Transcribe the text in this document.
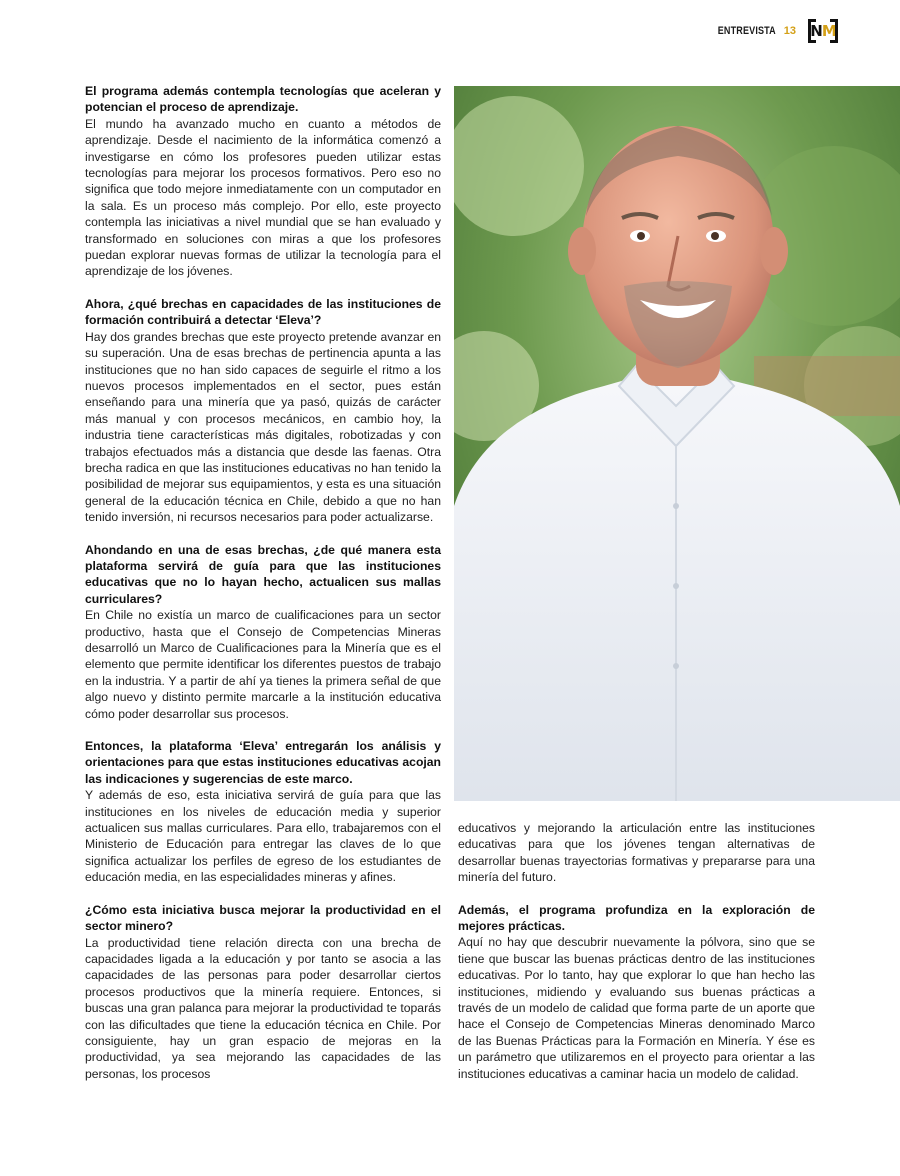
ENTREVISTA 13 N M

El programa además contempla tecnologías que aceleran y potencian el proceso de aprendizaje.

El mundo ha avanzado mucho en cuanto a métodos de aprendizaje. Desde el nacimiento de la informática comenzó a investigarse en cómo los profesores pueden utilizar estas tecnologías para mejorar los procesos formativos. Pero eso no significa que todo mejore inmediatamente con un computador en la sala. Es un proceso más complejo. Por ello, este proyecto contempla las iniciativas a nivel mundial que se han evaluado y transformado en soluciones con miras a que los profesores puedan explorar nuevas formas de utilizar la tecnología para el aprendizaje de los jóvenes.

Ahora, ¿qué brechas en capacidades de las instituciones de formación contribuirá a detectar ‘Eleva’?

Hay dos grandes brechas que este proyecto pretende avanzar en su superación. Una de esas brechas de pertinencia apunta a las instituciones que no han sido capaces de seguirle el ritmo a los nuevos procesos implementados en el sector, pues están enseñando para una minería que ya pasó, quizás de carácter más manual y con procesos mecánicos, en cambio hoy, la industria tiene características más digitales, robotizadas y con trabajos efectuados más a distancia que desde las faenas. Otra brecha radica en que las instituciones educativas no han tenido la posibilidad de mejorar sus equipamientos, y esta es una situación general de la educación técnica en Chile, debido a que no han tenido inversión, ni recursos necesarios para poder actualizarse.

Ahondando en una de esas brechas, ¿de qué manera esta plataforma servirá de guía para que las instituciones educativas que no lo hayan hecho, actualicen sus mallas curriculares?

En Chile no existía un marco de cualificaciones para un sector productivo, hasta que el Consejo de Competencias Mineras desarrolló un Marco de Cualificaciones para la Minería que es el elemento que permite identificar los diferentes puestos de trabajo en la industria. Y a partir de ahí ya tienes la primera señal de que algo nuevo y distinto permite marcarle a la institución educativa cómo poder desarrollar sus procesos.

Entonces, la plataforma ‘Eleva’ entregarán los análisis y orientaciones para que estas instituciones educativas acojan las indicaciones y sugerencias de este marco.

Y además de eso, esta iniciativa servirá de guía para que las instituciones en los niveles de educación media y superior actualicen sus mallas curriculares. Para ello, trabajaremos con el Ministerio de Educación para entregar las claves de lo que significa actualizar los perfiles de egreso de los estudiantes de educación media, en las especialidades mineras y afines.

¿Cómo esta iniciativa busca mejorar la productividad en el sector minero?

La productividad tiene relación directa con una brecha de capacidades ligada a la educación y por tanto se asocia a las capacidades de las personas para poder desarrollar ciertos procesos productivos que la minería requiere. Entonces, si buscas una gran palanca para mejorar la productividad te toparás con las dificultades que tiene la educación técnica en Chile. Por consiguiente, hay un gran espacio de mejoras en la productividad, ya sea mejorando las capacidades de las personas, los procesos

educativos y mejorando la articulación entre las instituciones educativas para que los jóvenes tengan alternativas de desarrollar buenas trayectorias formativas y prepararse para una minería del futuro.

Además, el programa profundiza en la exploración de mejores prácticas.

Aquí no hay que descubrir nuevamente la pólvora, sino que se tiene que buscar las buenas prácticas dentro de las instituciones educativas. Por lo tanto, hay que explorar lo que han hecho las instituciones, midiendo y evaluando sus buenas prácticas a través de un modelo de calidad que forma parte de un aporte que hace el Consejo de Competencias Mineras denominado Marco de las Buenas Prácticas para la Formación en Minería. Y ése es un parámetro que utilizaremos en el proyecto para orientar a las instituciones educativas a caminar hacia un modelo de calidad.
